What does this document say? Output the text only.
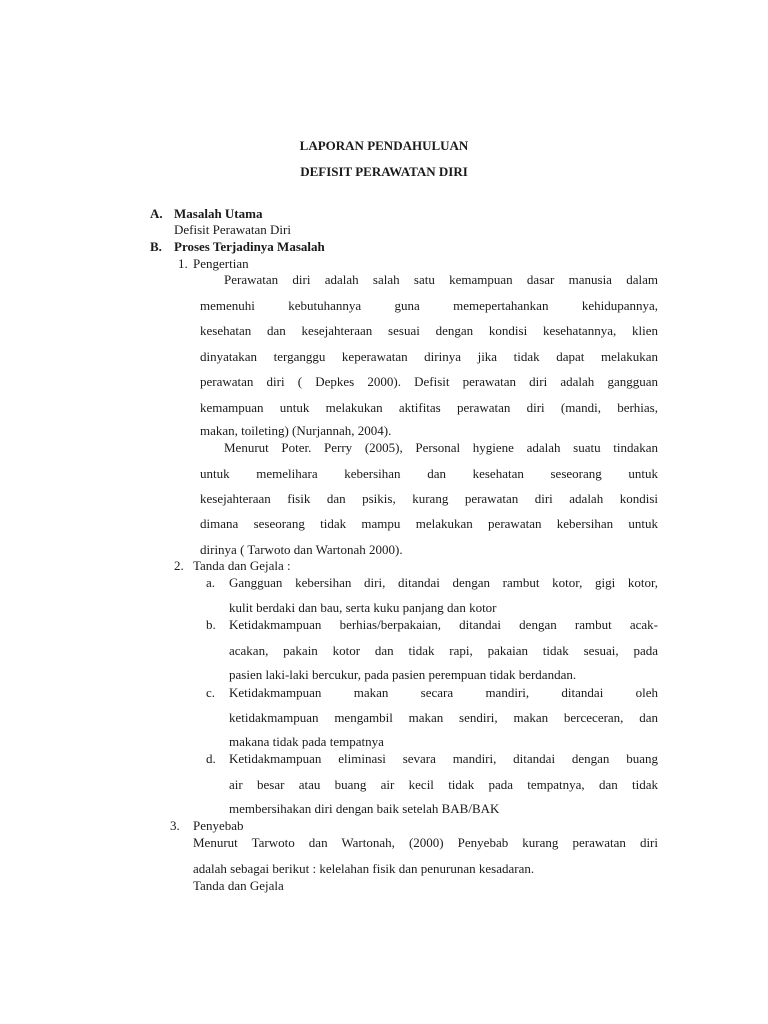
LAPORAN PENDAHULUAN
DEFISIT PERAWATAN DIRI
A. Masalah Utama
Defisit Perawatan Diri
B. Proses Terjadinya Masalah
1. Pengertian
Perawatan diri adalah salah satu kemampuan dasar manusia dalam
memenuhi kebutuhannya guna memepertahankan kehidupannya,
kesehatan dan kesejahteraan sesuai dengan kondisi kesehatannya, klien
dinyatakan terganggu keperawatan dirinya jika tidak dapat melakukan
perawatan diri ( Depkes 2000). Defisit perawatan diri adalah gangguan
kemampuan untuk melakukan aktifitas perawatan diri (mandi, berhias,
makan, toileting) (Nurjannah, 2004).
Menurut Poter. Perry (2005), Personal hygiene adalah suatu tindakan
untuk memelihara kebersihan dan kesehatan seseorang untuk
kesejahteraan fisik dan psikis, kurang perawatan diri adalah kondisi
dimana seseorang tidak mampu melakukan perawatan kebersihan untuk
dirinya ( Tarwoto dan Wartonah 2000).
2. Tanda dan Gejala :
a. Gangguan kebersihan diri, ditandai dengan rambut kotor, gigi kotor,
kulit berdaki dan bau, serta kuku panjang dan kotor
b. Ketidakmampuan berhias/berpakaian, ditandai dengan rambut acak-
acakan, pakain kotor dan tidak rapi, pakaian tidak sesuai, pada
pasien laki-laki bercukur, pada pasien perempuan tidak berdandan.
c. Ketidakmampuan makan secara mandiri, ditandai oleh
ketidakmampuan mengambil makan sendiri, makan berceceran, dan
makana tidak pada tempatnya
d. Ketidakmampuan eliminasi sevara mandiri, ditandai dengan buang
air besar atau buang air kecil tidak pada tempatnya, dan tidak
membersihakan diri dengan baik setelah BAB/BAK
3. Penyebab
Menurut Tarwoto dan Wartonah, (2000) Penyebab kurang perawatan diri
adalah sebagai berikut : kelelahan fisik dan penurunan kesadaran.
Tanda dan Gejala
